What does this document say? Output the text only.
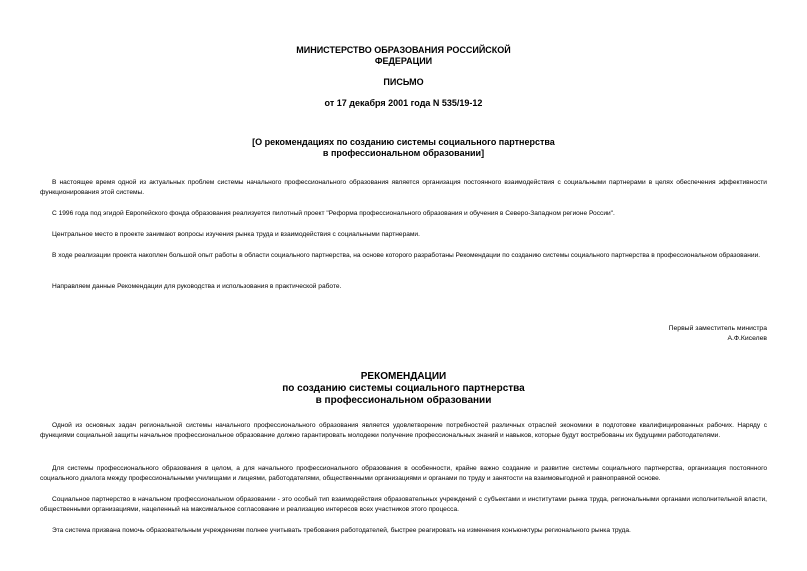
МИНИСТЕРСТВО ОБРАЗОВАНИЯ РОССИЙСКОЙ
ФЕДЕРАЦИИ
ПИСЬМО
от 17 декабря 2001 года N 535/19-12
[О рекомендациях по созданию системы социального партнерства
в профессиональном образовании]

В настоящее время одной из актуальных проблем системы начального профессионального образования является организация постоянного взаимодействия с социальными партнерами в целях обеспечения эффективности функционирования этой системы.

С 1996 года под эгидой Европейского фонда образования реализуется пилотный проект "Реформа профессионального образования и обучения в Северо-Западном регионе России".

Центральное место в проекте занимают вопросы изучения рынка труда и взаимодействия с социальными партнерами.

В ходе реализации проекта накоплен большой опыт работы в области социального партнерства, на основе которого разработаны Рекомендации по созданию системы социального партнерства в профессиональном образовании.

Направляем данные Рекомендации для руководства и использования в практической работе.

Первый заместитель министра
А.Ф.Киселев
РЕКОМЕНДАЦИИ
по созданию системы социального партнерства
в профессиональном образовании

Одной из основных задач региональной системы начального профессионального образования является удовлетворение потребностей различных отраслей экономики в подготовке квалифицированных рабочих. Наряду с функциями социальной защиты начальное профессиональное образование должно гарантировать молодежи получение профессиональных знаний и навыков, которые будут востребованы их будущими работодателями.

Для системы профессионального образования в целом, а для начального профессионального образования в особенности, крайне важно создание и развитие системы социального партнерства, организация постоянного социального диалога между профессиональными училищами и лицеями, работодателями, общественными организациями и органами по труду и занятости на взаимовыгодной и равноправной основе.

Социальное партнерство в начальном профессиональном образовании - это особый тип взаимодействия образовательных учреждений с субъектами и институтами рынка труда, региональными органами исполнительной власти, общественными организациями, нацеленный на максимальное согласование и реализацию интересов всех участников этого процесса.

Эта система призвана помочь образовательным учреждениям полнее учитывать требования работодателей, быстрее реагировать на изменения конъюнктуры регионального рынка труда.
